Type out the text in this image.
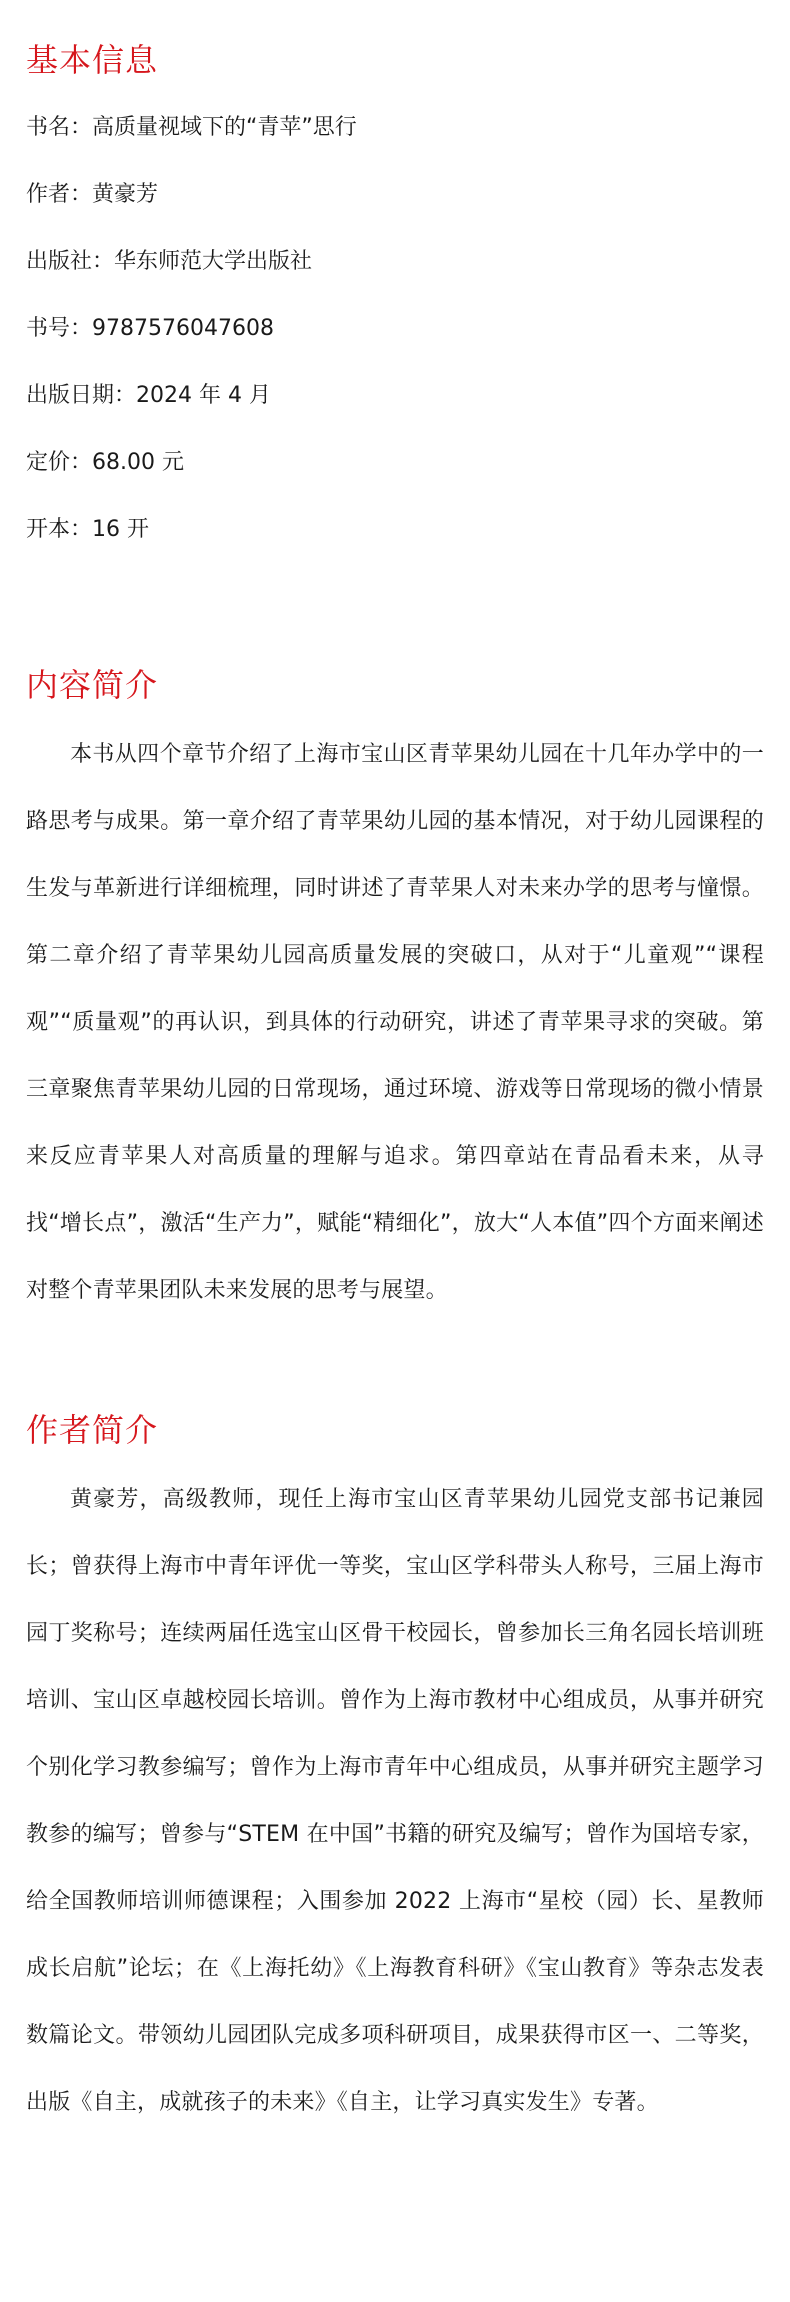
基本信息
书名：高质量视域下的“青苹”思行
作者：黄豪芳
出版社：华东师范大学出版社
书号：9787576047608
出版日期：2024 年 4 月
定价：68.00 元
开本：16 开
内容简介

本书从四个章节介绍了上海市宝山区青苹果幼儿园在十几年办学中的一路思考与成果。第一章介绍了青苹果幼儿园的基本情况，对于幼儿园课程的生发与革新进行详细梳理，同时讲述了青苹果人对未来办学的思考与憧憬。第二章介绍了青苹果幼儿园高质量发展的突破口，从对于“儿童观”“课程观”“质量观”的再认识，到具体的行动研究，讲述了青苹果寻求的突破。第三章聚焦青苹果幼儿园的日常现场，通过环境、游戏等日常现场的微小情景来反应青苹果人对高质量的理解与追求。第四章站在青品看未来，从寻找“增长点”，激活“生产力”，赋能“精细化”，放大“人本值”四个方面来阐述对整个青苹果团队未来发展的思考与展望。

作者简介

黄豪芳，高级教师，现任上海市宝山区青苹果幼儿园党支部书记兼园长；曾获得上海市中青年评优一等奖，宝山区学科带头人称号，三届上海市园丁奖称号；连续两届任选宝山区骨干校园长，曾参加长三角名园长培训班培训、宝山区卓越校园长培训。曾作为上海市教材中心组成员，从事并研究个别化学习教参编写；曾作为上海市青年中心组成员，从事并研究主题学习教参的编写；曾参与“STEM 在中国”书籍的研究及编写；曾作为国培专家，给全国教师培训师德课程；入围参加 2022 上海市“星校（园）长、星教师成长启航”论坛；在《上海托幼》《上海教育科研》《宝山教育》等杂志发表数篇论文。带领幼儿园团队完成多项科研项目，成果获得市区一、二等奖，出版《自主，成就孩子的未来》《自主，让学习真实发生》专著。
